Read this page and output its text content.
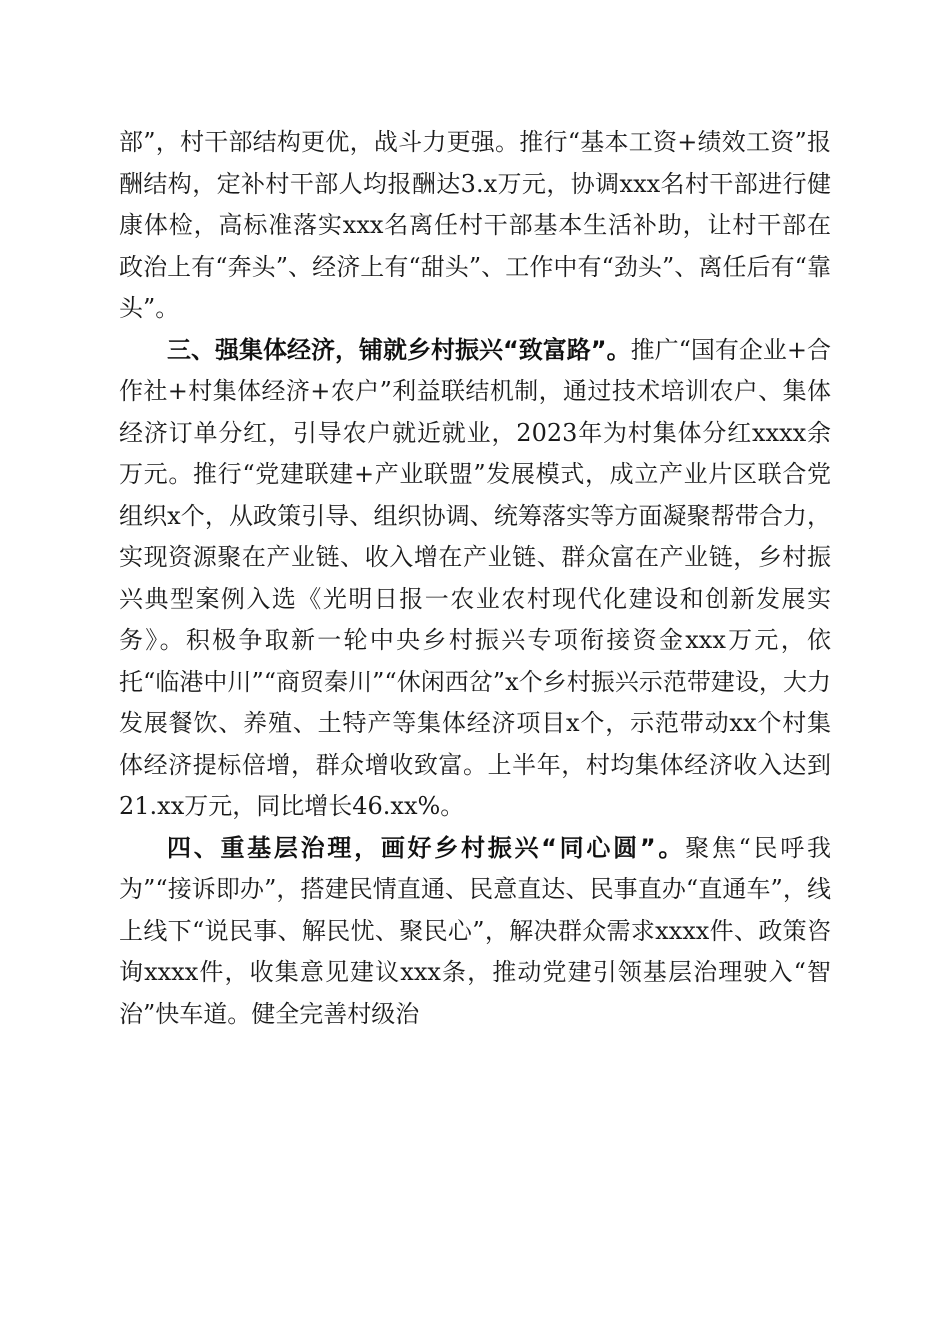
部”，村干部结构更优，战斗力更强。推行“基本工资+绩效工资”报酬结构，定补村干部人均报酬达3.x万元，协调xxx名村干部进行健康体检，高标准落实xxx名离任村干部基本生活补助，让村干部在政治上有“奔头”、经济上有“甜头”、工作中有“劲头”、离任后有“靠头”。

三、强集体经济，铺就乡村振兴“致富路”。推广“国有企业+合作社+村集体经济+农户”利益联结机制，通过技术培训农户、集体经济订单分红，引导农户就近就业，2023年为村集体分红xxxx余万元。推行“党建联建+产业联盟”发展模式，成立产业片区联合党组织x个，从政策引导、组织协调、统筹落实等方面凝聚帮带合力，实现资源聚在产业链、收入增在产业链、群众富在产业链，乡村振兴典型案例入选《光明日报一农业农村现代化建设和创新发展实务》。积极争取新一轮中央乡村振兴专项衔接资金xxx万元，依托“临港中川”“商贸秦川”“休闲西岔”x个乡村振兴示范带建设，大力发展餐饮、养殖、土特产等集体经济项目x个，示范带动xx个村集体经济提标倍增，群众增收致富。上半年，村均集体经济收入达到21.xx万元，同比增长46.xx%。

四、重基层治理，画好乡村振兴“同心圆”。聚焦“民呼我为”“接诉即办”，搭建民情直通、民意直达、民事直办“直通车”，线上线下“说民事、解民忧、聚民心”，解决群众需求xxxx件、政策咨询xxxx件，收集意见建议xxx条，推动党建引领基层治理驶入“智治”快车道。健全完善村级治
